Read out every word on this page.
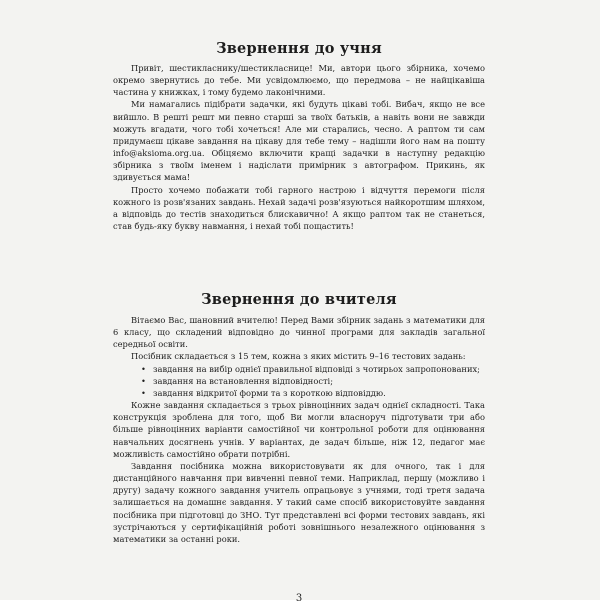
Звернення до учня

Привіт, шестикласнику/шестикласнице! Ми, автори цього збірника, хочемо окремо звернутись до тебе. Ми усвідомлюємо, що передмова – не найцікавіша частина у книжках, і тому будемо лаконічними.

Ми намагались підібрати задачки, які будуть цікаві тобі. Вибач, якщо не все вийшло. В решті решт ми певно старші за твоїх батьків, а навіть вони не завжди можуть вгадати, чого тобі хочеться! Але ми старались, чесно. А раптом ти сам придумаєш цікаве завдання на цікаву для тебе тему – надішли його нам на пошту info@aksioma.org.ua. Обіцяємо включити кращі задачки в наступну редакцію збірника з твоїм іменем і надіслати примірник з автографом. Прикинь, як здивується мама!

Просто хочемо побажати тобі гарного настрою і відчуття перемоги після кожного із розв'язаних завдань. Нехай задачі розв'язуються найкоротшим шляхом, а відповідь до тестів знаходиться блискавично! А якщо раптом так не станеться, став будь-яку букву навмання, і нехай тобі пощастить!

Звернення до вчителя

Вітаємо Вас, шановний вчителю! Перед Вами збірник задань з математики для 6 класу, що складений відповідно до чинної програми для закладів загальної середньої освіти.

Посібник складається з 15 тем, кожна з яких містить 9–16 тестових задань:

• завдання на вибір однієї правильної відповіді з чотирьох запропонованих;
• завдання на встановлення відповідності;
• завдання відкритої форми та з короткою відповіддю.

Кожне завдання складається з трьох рівноцінних задач однієї складності. Така конструкція зроблена для того, щоб Ви могли власноруч підготувати три або більше рівноцінних варіанти самостійної чи контрольної роботи для оцінювання навчальних досягнень учнів. У варіантах, де задач більше, ніж 12, педагог має можливість самостійно обрати потрібні.

Завдання посібника можна використовувати як для очного, так і для дистанційного навчання при вивченні певної теми. Наприклад, першу (можливо і другу) задачу кожного завдання учитель опрацьовує з учнями, тоді третя задача залишається на домашнє завдання. У такий саме спосіб використовуйте завдання посібника при підготовці до ЗНО. Тут представлені всі форми тестових завдань, які зустрічаються у сертифікаційній роботі зовнішнього незалежного оцінювання з математики за останні роки.

3
